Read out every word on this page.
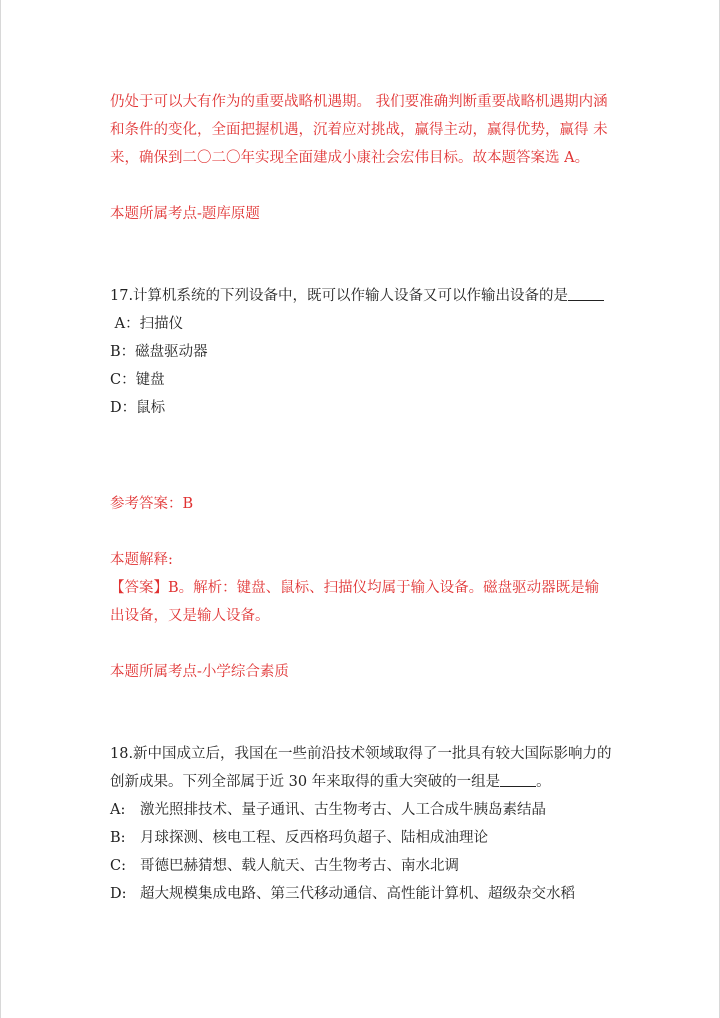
仍处于可以大有作为的重要战略机遇期。 我们要准确判断重要战略机遇期内涵和条件的变化，全面把握机遇，沉着应对挑战，赢得主动，赢得优势，赢得 未来，确保到二〇二〇年实现全面建成小康社会宏伟目标。故本题答案选 A。

本题所属考点-题库原题
17.计算机系统的下列设备中，既可以作输人设备又可以作输出设备的是
A：扫描仪
B：磁盘驱动器
C：键盘
D：鼠标
参考答案：B
本题解释:

【答案】B。解析：键盘、鼠标、扫描仪均属于输入设备。磁盘驱动器既是输出设备，又是输人设备。

本题所属考点-小学综合素质
18.新中国成立后，我国在一些前沿技术领域取得了一批具有较大国际影响力的
创新成果。下列全部属于近 30 年来取得的重大突破的一组是 。
A: 激光照排技术、量子通讯、古生物考古、人工合成牛胰岛素结晶
B: 月球探测、核电工程、反西格玛负超子、陆相成油理论
C: 哥德巴赫猜想、载人航天、古生物考古、南水北调
D: 超大规模集成电路、第三代移动通信、高性能计算机、超级杂交水稻
